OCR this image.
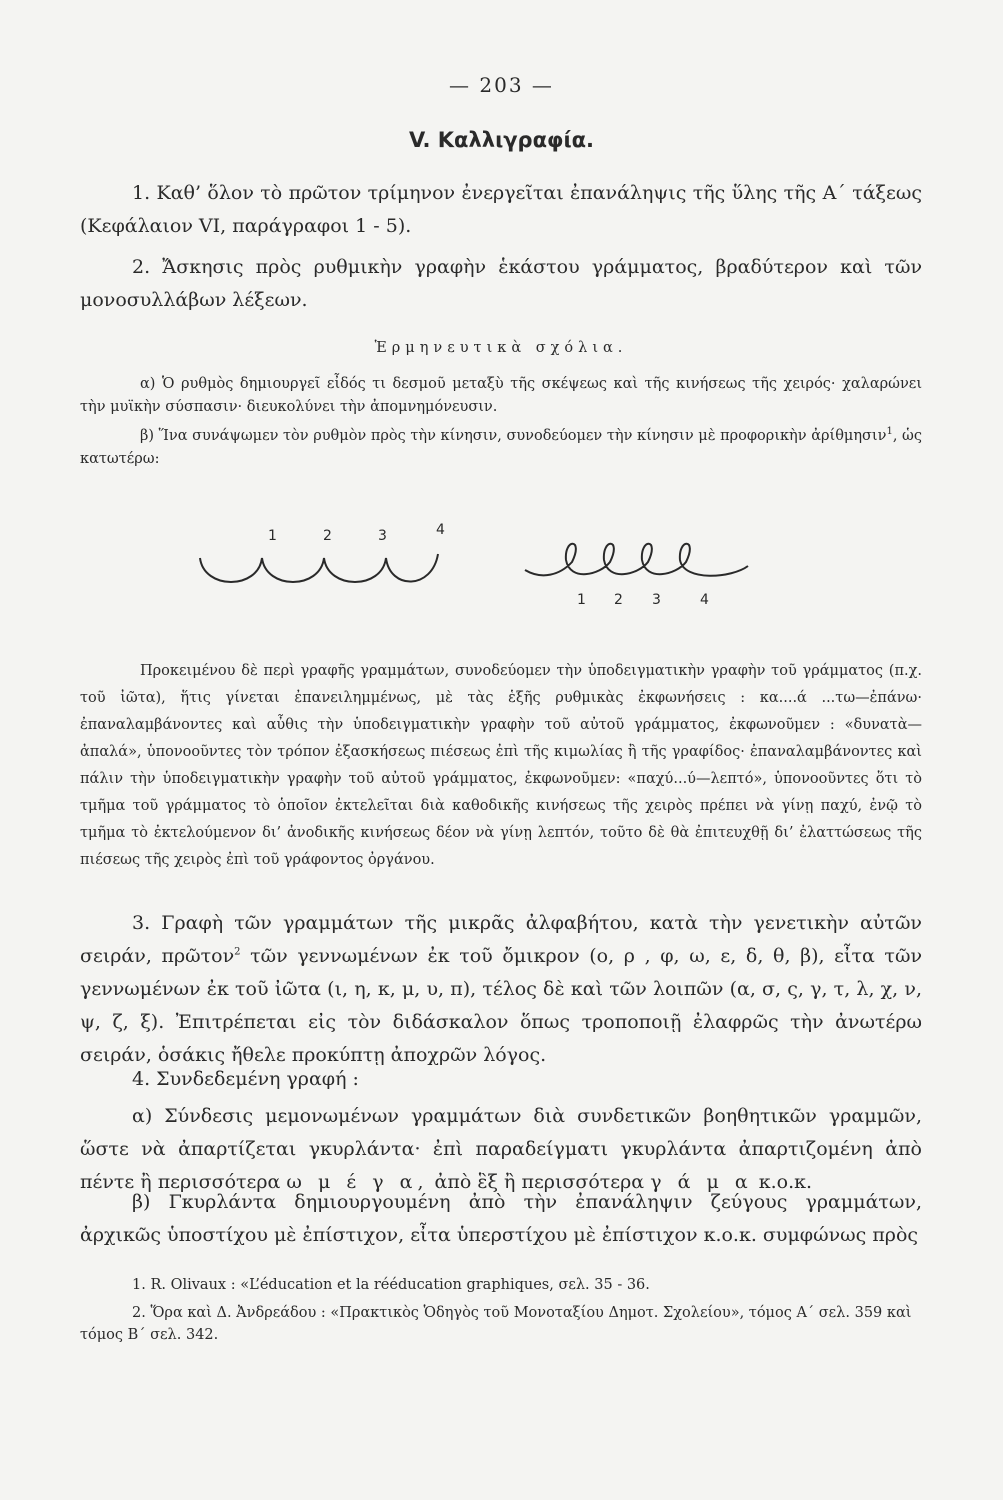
— 203 —
V. Καλλιγραφία.
1. Καθ’ ὅλον τὸ πρῶτον τρίμηνον ἐνεργεῖται ἐπανάληψις τῆς ὕλης τῆς Α΄ τάξεως (Κεφάλαιον VI, παράγραφοι 1 - 5).
2. Ἄσκησις πρὸς ρυθμικὴν γραφὴν ἑκάστου γράμματος, βραδύτερον καὶ τῶν μονοσυλλάβων λέξεων.
Ἑρμηνευτικὰ σχόλια.
α) Ὁ ρυθμὸς δημιουργεῖ εἶδός τι δεσμοῦ μεταξὺ τῆς σκέψεως καὶ τῆς κινήσεως τῆς χειρός· χαλαρώνει τὴν μυϊκὴν σύσπασιν· διευκολύνει τὴν ἀπομνημόνευσιν.
β) Ἵνα συνάψωμεν τὸν ρυθμὸν πρὸς τὴν κίνησιν, συνοδεύομεν τὴν κίνησιν μὲ προφορικὴν ἀρίθμησιν$^1$, ὡς κατωτέρω:
1	2	3	4
1 2 3	4
Προκειμένου δὲ περὶ γραφῆς γραμμάτων, συνοδεύομεν τὴν ὑποδειγματικὴν γραφὴν τοῦ γράμματος (π.χ. τοῦ ἰῶτα), ἥτις γίνεται ἐπανειλημμένως, μὲ τὰς ἑξῆς ρυθμικὰς ἐκφωνήσεις : κα....ά ...τω—ἐπάνω· ἐπαναλαμβάνοντες καὶ αὖθις τὴν ὑποδειγματικὴν γραφὴν τοῦ αὐτοῦ γράμματος, ἐκφωνοῦμεν : «δυνατὰ—ἀπαλά», ὑπονοοῦντες τὸν τρόπον ἐξασκήσεως πιέσεως ἐπὶ τῆς κιμωλίας ἢ τῆς γραφίδος· ἐπαναλαμβάνοντες καὶ πάλιν τὴν ὑποδειγματικὴν γραφὴν τοῦ αὐτοῦ γράμματος, ἐκφωνοῦμεν: «παχύ...ύ—λεπτό», ὑπονοοῦντες ὅτι τὸ τμῆμα τοῦ γράμματος τὸ ὁποῖον ἐκτελεῖται διὰ καθοδικῆς κινήσεως τῆς χειρὸς πρέπει νὰ γίνῃ παχύ, ἐνῷ τὸ τμῆμα τὸ ἐκτελούμενον δι’ ἀνοδικῆς κινήσεως δέον νὰ γίνῃ λεπτόν, τοῦτο δὲ θὰ ἐπιτευχθῇ δι’ ἐλαττώσεως τῆς πιέσεως τῆς χειρὸς ἐπὶ τοῦ γράφοντος ὀργάνου.
3. Γραφὴ τῶν γραμμάτων τῆς μικρᾶς ἀλφαβήτου, κατὰ τὴν γενετικὴν αὐτῶν σειράν, πρῶτον$^2$ τῶν γεννωμένων ἐκ τοῦ ὄμικρον (ο, ρ , φ, ω, ε, δ, θ, β), εἶτα τῶν γεννωμένων ἐκ τοῦ ἰῶτα (ι, η, κ, μ, υ, π), τέλος δὲ καὶ τῶν λοιπῶν (α, σ, ς, γ, τ, λ, χ, ν, ψ, ζ, ξ). Ἐπιτρέπεται εἰς τὸν διδάσκαλον ὅπως τροποποιῇ ἐλαφρῶς τὴν ἀνωτέρω σειράν, ὁσάκις ἤθελε προκύπτῃ ἀποχρῶν λόγος.
4. Συνδεδεμένη γραφή :
α) Σύνδεσις μεμονωμένων γραμμάτων διὰ συνδετικῶν βοηθητικῶν γραμμῶν, ὥστε νὰ ἀπαρτίζεται γκυρλάντα· ἐπὶ παραδείγματι γκυρλάντα ἀπαρτιζομένη ἀπὸ πέντε ἢ περισσότερα ω μ έ γ α, ἀπὸ ἓξ ἢ περισσότερα γ ά μ α κ.ο.κ.
β) Γκυρλάντα δημιουργουμένη ἀπὸ τὴν ἐπανάληψιν ζεύγους γραμμάτων, ἀρχικῶς ὑποστίχου μὲ ἐπίστιχον, εἶτα ὑπερστίχου μὲ ἐπίστιχον κ.ο.κ. συμφώνως πρὸς
1. R. Olivaux : «L’éducation et la rééducation graphiques, σελ. 35 - 36.
2. Ὅρα καὶ Δ. Ἀνδρεάδου : «Πρακτικὸς Ὁδηγὸς τοῦ Μονοταξίου Δημοτ. Σχολείου», τόμος Α΄ σελ. 359 καὶ τόμος Β΄ σελ. 342.
